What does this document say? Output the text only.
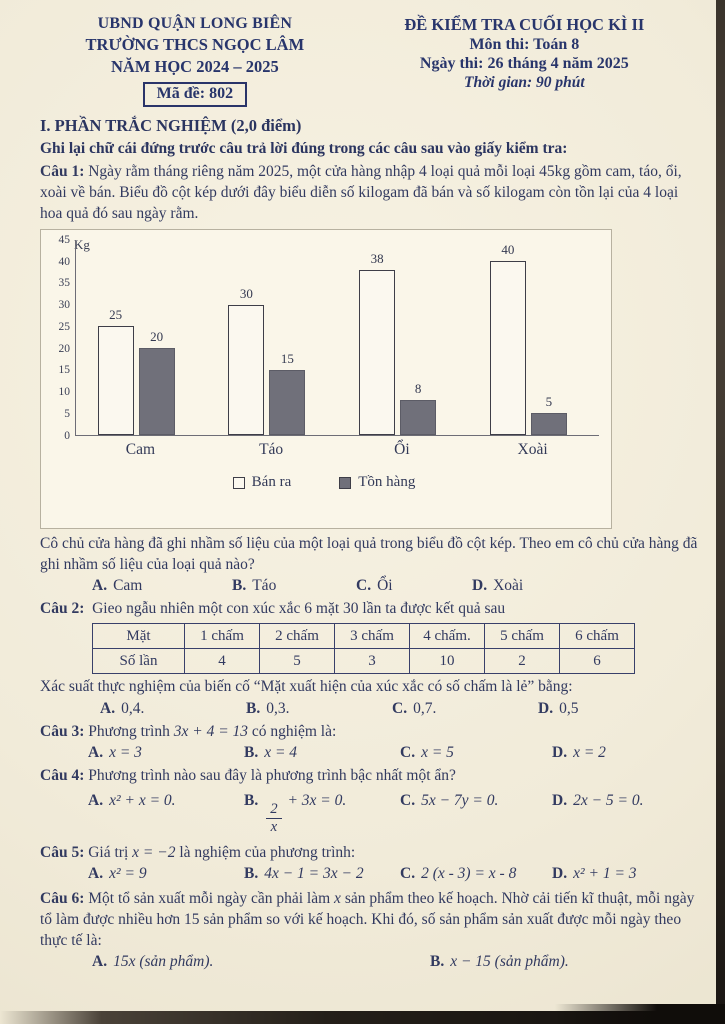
UBND QUẬN LONG BIÊN
TRƯỜNG THCS NGỌC LÂM
NĂM HỌC 2024 – 2025
Mã đề: 802
ĐỀ KIỂM TRA CUỐI HỌC KÌ II
Môn thi: Toán 8
Ngày thi: 26 tháng 4 năm 2025
Thời gian: 90 phút
I. PHẦN TRẮC NGHIỆM (2,0 điểm)
Ghi lại chữ cái đứng trước câu trả lời đúng trong các câu sau vào giấy kiểm tra:

Câu 1: Ngày rằm tháng riêng năm 2025, một cửa hàng nhập 4 loại quả mỗi loại 45kg gồm cam, táo, ổi, xoài về bán. Biểu đồ cột kép dưới đây biểu diễn số kilogam đã bán và số kilogam còn tồn lại của 4 loại hoa quả đó sau ngày rằm.

Kg
0
5
10
15
20
25
30
35
40
45
25
20
30
15
38
8
40
5
Cam	Táo	Ổi	Xoài
Bán ra	Tồn hàng

Cô chủ cửa hàng đã ghi nhầm số liệu của một loại quả trong biểu đồ cột kép. Theo em cô chủ cửa hàng đã ghi nhầm số liệu của loại quả nào?

A. Cam	B. Táo	C. Ổi	D. Xoài

Câu 2: Gieo ngẫu nhiên một con xúc xắc 6 mặt 30 lần ta được kết quả sau

Mặt	1 chấm	2 chấm	3 chấm	4 chấm.	5 chấm	6 chấm
Số lần	4	5	3	10	2	6

Xác suất thực nghiệm của biến cố “Mặt xuất hiện của xúc xắc có số chấm là lẻ” bằng:

A. 0,4.	B. 0,3.	C. 0,7.	D. 0,5

Câu 3: Phương trình 3x + 4 = 13 có nghiệm là:

A. x = 3	B. x = 4	C. x = 5	D. x = 2

Câu 4: Phương trình nào sau đây là phương trình bậc nhất một ẩn?

A. x² + x = 0.	B.
$\frac{2}{x}$
+ 3x = 0.	C. 5x − 7y = 0.	D. 2x − 5 = 0.

Câu 5: Giá trị x = −2 là nghiệm của phương trình:

A. x² = 9	B. 4x − 1 = 3x − 2	C. 2 (x - 3) = x - 8	D. x² + 1 = 3

Câu 6: Một tổ sản xuất mỗi ngày cần phải làm x sản phẩm theo kế hoạch. Nhờ cải tiến kĩ thuật, mỗi ngày tổ làm được nhiều hơn 15 sản phẩm so với kế hoạch. Khi đó, số sản phẩm sản xuất được mỗi ngày theo thực tế là:

A. 15x (sản phẩm).	B. x − 15 (sản phẩm).
